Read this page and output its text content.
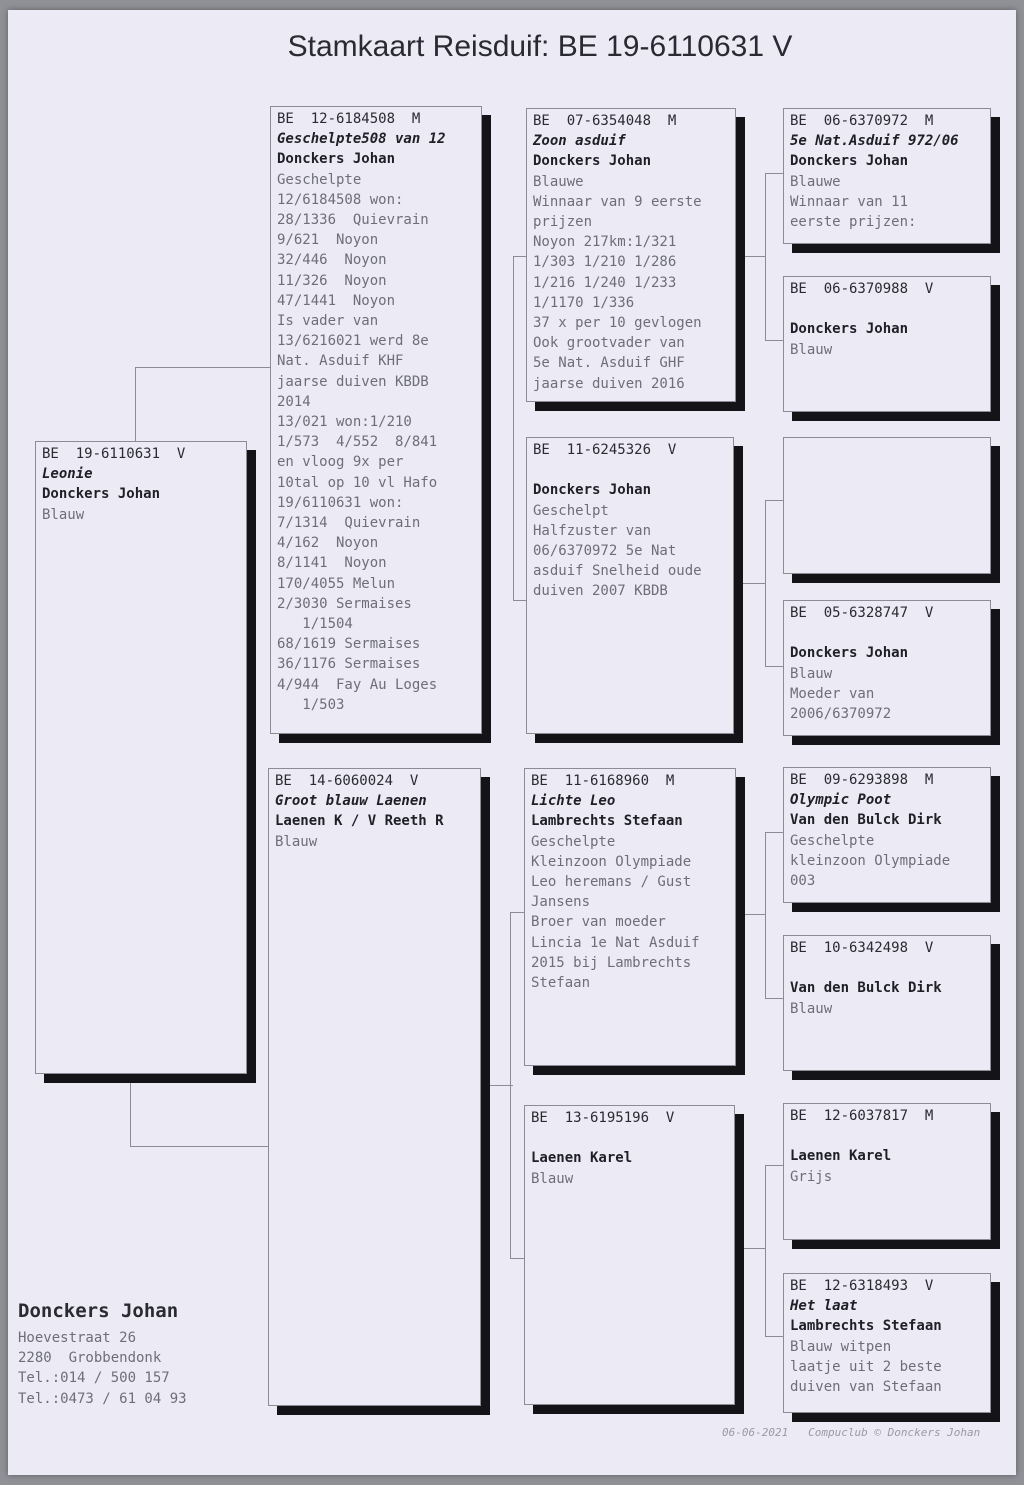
Stamkaart Reisduif: BE 19-6110631 V
BE  19-6110631  V
Leonie
Donckers Johan
Blauw
BE  12-6184508  M
Geschelpte508 van 12
Donckers Johan
Geschelpte
12/6184508 won:
28/1336  Quievrain
9/621  Noyon
32/446  Noyon
11/326  Noyon
47/1441  Noyon
Is vader van
13/6216021 werd 8e
Nat. Asduif KHF
jaarse duiven KBDB
2014
13/021 won:1/210
1/573  4/552  8/841
en vloog 9x per
10tal op 10 vl Hafo
19/6110631 won:
7/1314  Quievrain
4/162  Noyon
8/1141  Noyon
170/4055 Melun
2/3030 Sermaises
1/1504
68/1619 Sermaises
36/1176 Sermaises
4/944  Fay Au Loges
1/503
BE  14-6060024  V
Groot blauw Laenen
Laenen K / V Reeth R
Blauw
BE  07-6354048  M
Zoon asduif
Donckers Johan
Blauwe
Winnaar van 9 eerste
prijzen
Noyon 217km:1/321
1/303 1/210 1/286
1/216 1/240 1/233
1/1170 1/336
37 x per 10 gevlogen
Ook grootvader van
5e Nat. Asduif GHF
jaarse duiven 2016
BE  11-6245326  V

Donckers Johan
Geschelpt
Halfzuster van
06/6370972 5e Nat
asduif Snelheid oude
duiven 2007 KBDB
BE  11-6168960  M
Lichte Leo
Lambrechts Stefaan
Geschelpte
Kleinzoon Olympiade
Leo heremans / Gust
Jansens
Broer van moeder
Lincia 1e Nat Asduif
2015 bij Lambrechts
Stefaan
BE  13-6195196  V

Laenen Karel
Blauw
BE  06-6370972  M
5e Nat.Asduif 972/06
Donckers Johan
Blauwe
Winnaar van 11
eerste prijzen:
BE  06-6370988  V

Donckers Johan
Blauw
BE  05-6328747  V

Donckers Johan
Blauw
Moeder van
2006/6370972
BE  09-6293898  M
Olympic Poot
Van den Bulck Dirk
Geschelpte
kleinzoon Olympiade
003
BE  10-6342498  V

Van den Bulck Dirk
Blauw
BE  12-6037817  M

Laenen Karel
Grijs
BE  12-6318493  V
Het laat
Lambrechts Stefaan
Blauw witpen
laatje uit 2 beste
duiven van Stefaan
Donckers Johan
Hoevestraat 26
2280  Grobbendonk
Tel.:014 / 500 157
Tel.:0473 / 61 04 93
06-06-2021 Compuclub © Donckers Johan
